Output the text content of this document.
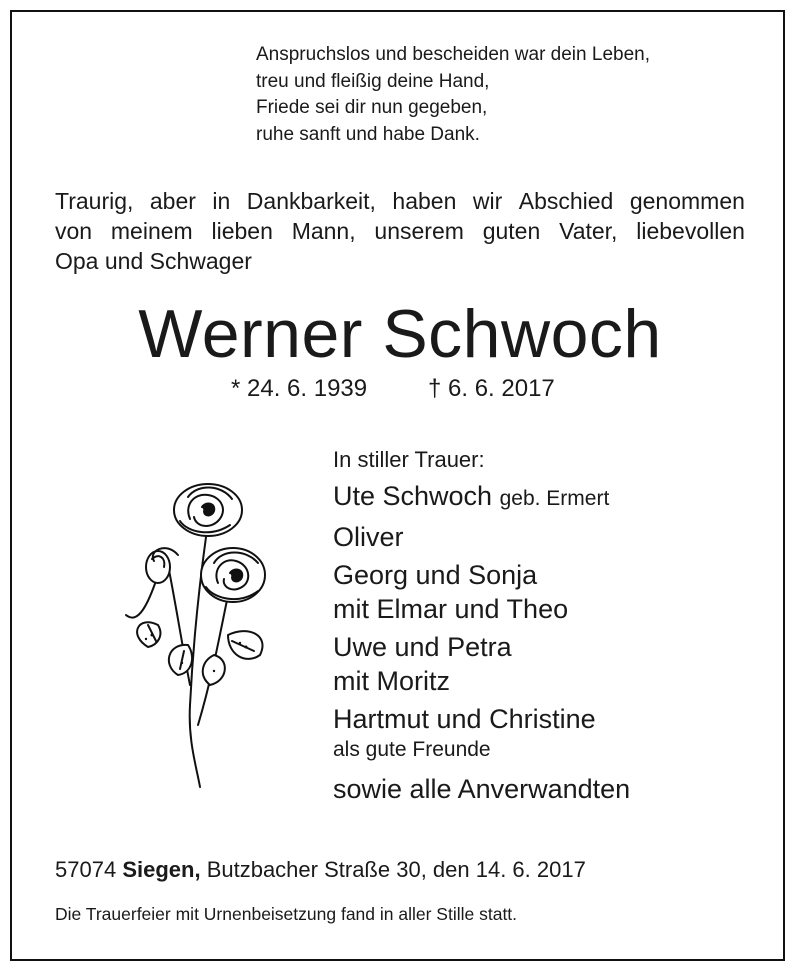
Anspruchslos und bescheiden war dein Leben,
treu und fleißig deine Hand,
Friede sei dir nun gegeben,
ruhe sanft und habe Dank.
Traurig, aber in Dankbarkeit, haben wir Abschied genommen
von meinem lieben Mann, unserem guten Vater, liebevollen
Opa und Schwager
Werner Schwoch
* 24. 6. 1939	† 6. 6. 2017
In stiller Trauer:
Ute Schwoch geb. Ermert
Oliver
Georg und Sonja
mit Elmar und Theo
Uwe und Petra
mit Moritz
Hartmut und Christine
als gute Freunde
sowie alle Anverwandten
57074 Siegen, Butzbacher Straße 30, den 14. 6. 2017
Die Trauerfeier mit Urnenbeisetzung fand in aller Stille statt.
